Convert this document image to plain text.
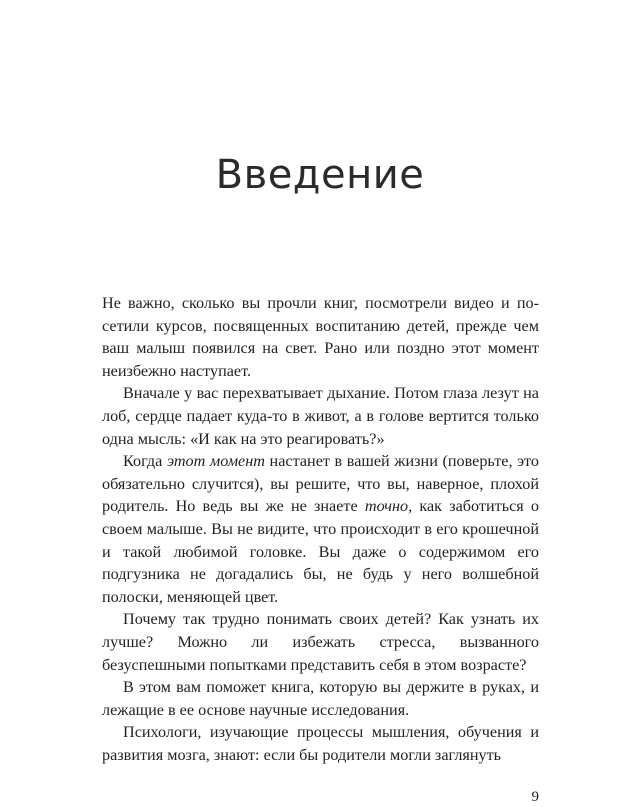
Введение

Не важно, сколько вы прочли книг, посмотрели видео и посетили курсов, посвященных воспитанию детей, прежде чем ваш малыш появился на свет. Рано или поздно этот момент неизбежно наступает.

Вначале у вас перехватывает дыхание. Потом глаза лезут на лоб, сердце падает куда-то в живот, а в голове вертится только одна мысль: «И как на это реагировать?»

Когда этот момент настанет в вашей жизни (поверьте, это обязательно случится), вы решите, что вы, наверное, плохой родитель. Но ведь вы же не знаете точно, как заботиться о своем малыше. Вы не видите, что происходит в его крошечной и такой любимой головке. Вы даже о содержимом его подгузника не догадались бы, не будь у него волшебной полоски, меняющей цвет.

Почему так трудно понимать своих детей? Как узнать их лучше? Можно ли избежать стресса, вызванного безуспешными попытками представить себя в этом возрасте?

В этом вам поможет книга, которую вы держите в руках, и лежащие в ее основе научные исследования.

Психологи, изучающие процессы мышления, обучения и развития мозга, знают: если бы родители могли заглянуть

9
